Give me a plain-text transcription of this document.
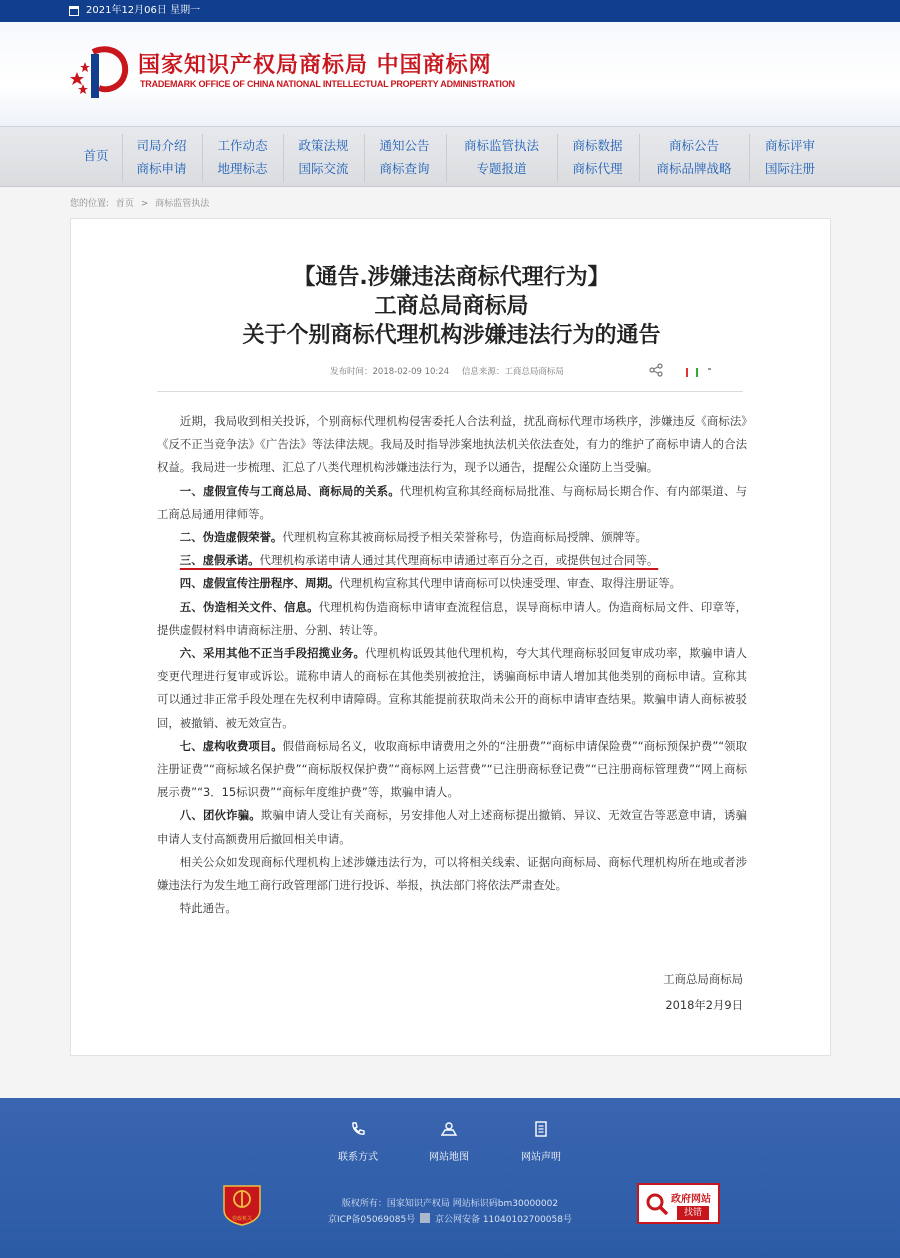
2021年12月06日 星期一
国家知识产权局商标局 中国商标网
TRADEMARK OFFICE OF CHINA NATIONAL INTELLECTUAL PROPERTY ADMINISTRATION
首页
司局介绍
商标申请
工作动态
地理标志
政策法规
国际交流
通知公告
商标查询
商标监管执法
专题报道
商标数据
商标代理
商标公告
商标品牌战略
商标评审
国际注册
您的位置: 首页 > 商标监管执法
【通告.涉嫌违法商标代理行为】
工商总局商标局
关于个别商标代理机构涉嫌违法行为的通告
发布时间：2018-02-09 10:24 信息来源：工商总局商标局

近期，我局收到相关投诉，个别商标代理机构侵害委托人合法利益，扰乱商标代理市场秩序，涉嫌违反《商标法》《反不正当竞争法》《广告法》等法律法规。我局及时指导涉案地执法机关依法查处，有力的维护了商标申请人的合法权益。我局进一步梳理、汇总了八类代理机构涉嫌违法行为，现予以通告，提醒公众谨防上当受骗。

一、虚假宣传与工商总局、商标局的关系。代理机构宣称其经商标局批准、与商标局长期合作、有内部渠道、与工商总局通用律师等。

二、伪造虚假荣誉。代理机构宣称其被商标局授予相关荣誉称号，伪造商标局授牌、颁牌等。

三、虚假承诺。代理机构承诺申请人通过其代理商标申请通过率百分之百，或提供包过合同等。

四、虚假宣传注册程序、周期。代理机构宣称其代理申请商标可以快速受理、审查、取得注册证等。

五、伪造相关文件、信息。代理机构伪造商标申请审查流程信息，误导商标申请人。伪造商标局文件、印章等，提供虚假材料申请商标注册、分割、转让等。

六、采用其他不正当手段招揽业务。代理机构诋毁其他代理机构，夸大其代理商标驳回复审成功率，欺骗申请人变更代理进行复审或诉讼。谎称申请人的商标在其他类别被抢注，诱骗商标申请人增加其他类别的商标申请。宣称其可以通过非正常手段处理在先权利申请障碍。宣称其能提前获取尚未公开的商标申请审查结果。欺骗申请人商标被驳回，被撤销、被无效宣告。

七、虚构收费项目。假借商标局名义，收取商标申请费用之外的“注册费”“商标申请保险费”“商标预保护费”“领取注册证费”“商标域名保护费”“商标版权保护费”“商标网上运营费”“已注册商标登记费”“已注册商标管理费”“网上商标展示费”“3．15标识费”“商标年度维护费”等，欺骗申请人。

八、团伙诈骗。欺骗申请人受让有关商标，另安排他人对上述商标提出撤销、异议、无效宣告等恶意申请，诱骗申请人支付高额费用后撤回相关申请。

相关公众如发现商标代理机构上述涉嫌违法行为，可以将相关线索、证据向商标局、商标代理机构所在地或者涉嫌违法行为发生地工商行政管理部门进行投诉、举报，执法部门将依法严肃查处。

特此通告。

工商总局商标局
2018年2月9日
联系方式	网站地图	网站声明
党政机关
版权所有：国家知识产权局 网站标识码bm30000002
京ICP备05069085号 京公网安备 11040102700058号
政府网站
找错
